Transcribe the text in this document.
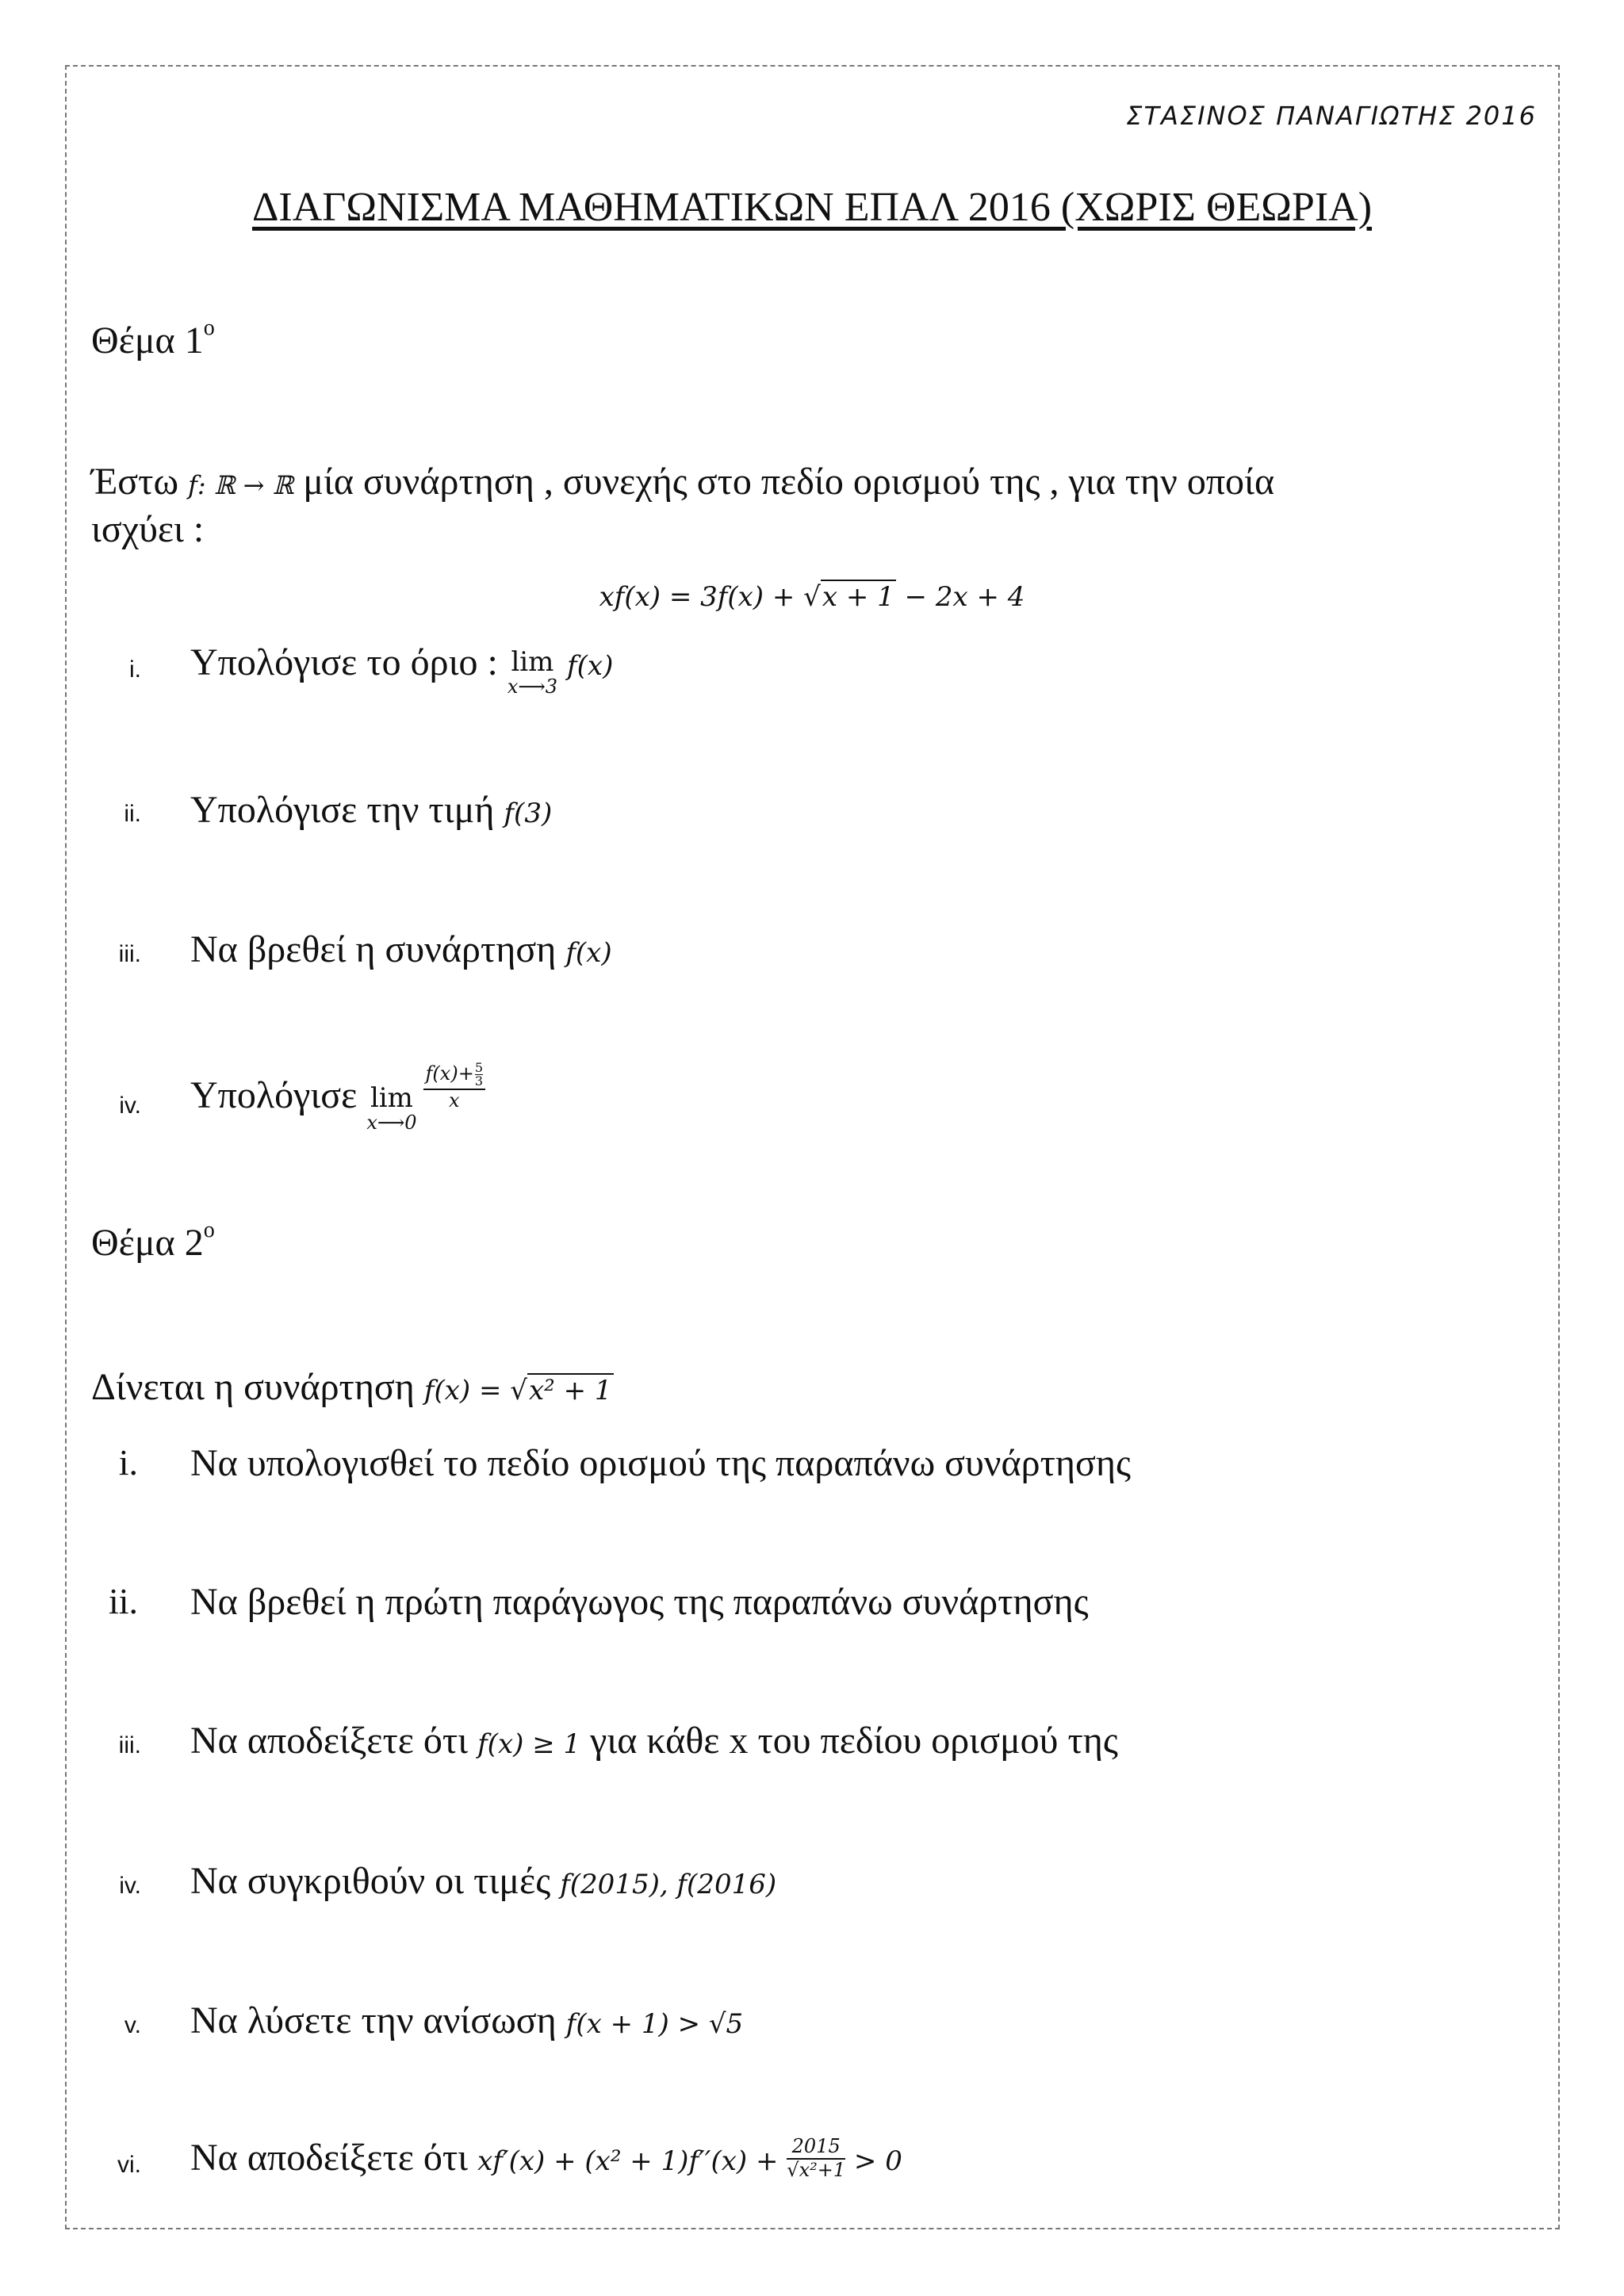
ΣΤΑΣΙΝΟΣ ΠΑΝΑΓΙΩΤΗΣ 2016
ΔΙΑΓΩΝΙΣΜΑ ΜΑΘΗΜΑΤΙΚΩΝ ΕΠΑΛ 2016 (ΧΩΡΙΣ ΘΕΩΡΙΑ)
Θέμα $1^o$
Έστω f: ℝ → ℝ μία συνάρτηση , συνεχής στο πεδίο ορισμού της , για την οποία
ισχύει :
xf(x) = 3f(x) + √x + 1 − 2x + 4
i. Υπολόγισε το όριο : lim
x⟶3
f(x)
ii. Υπολόγισε την τιμή f(3)
iii. Να βρεθεί η συνάρτηση f(x)
iv. Υπολόγισε lim
x⟶0
$\frac{f(x)+ \frac{5}{3}}{x}$
Θέμα $2^o$
Δίνεται η συνάρτηση f(x) = √x² + 1
i. Να υπολογισθεί το πεδίο ορισμού της παραπάνω συνάρτησης
ii. Να βρεθεί η πρώτη παράγωγος της παραπάνω συνάρτησης
iii. Να αποδείξετε ότι f(x) ≥ 1 για κάθε x του πεδίου ορισμού της
iv. Να συγκριθούν οι τιμές f(2015), f(2016)
v. Να λύσετε την ανίσωση f(x + 1) > √5
vi. Να αποδείξετε ότι $xf'(x) + (x^2 + 1)f''(x) + \frac{2015}{\text{√x²+1}} > 0$
